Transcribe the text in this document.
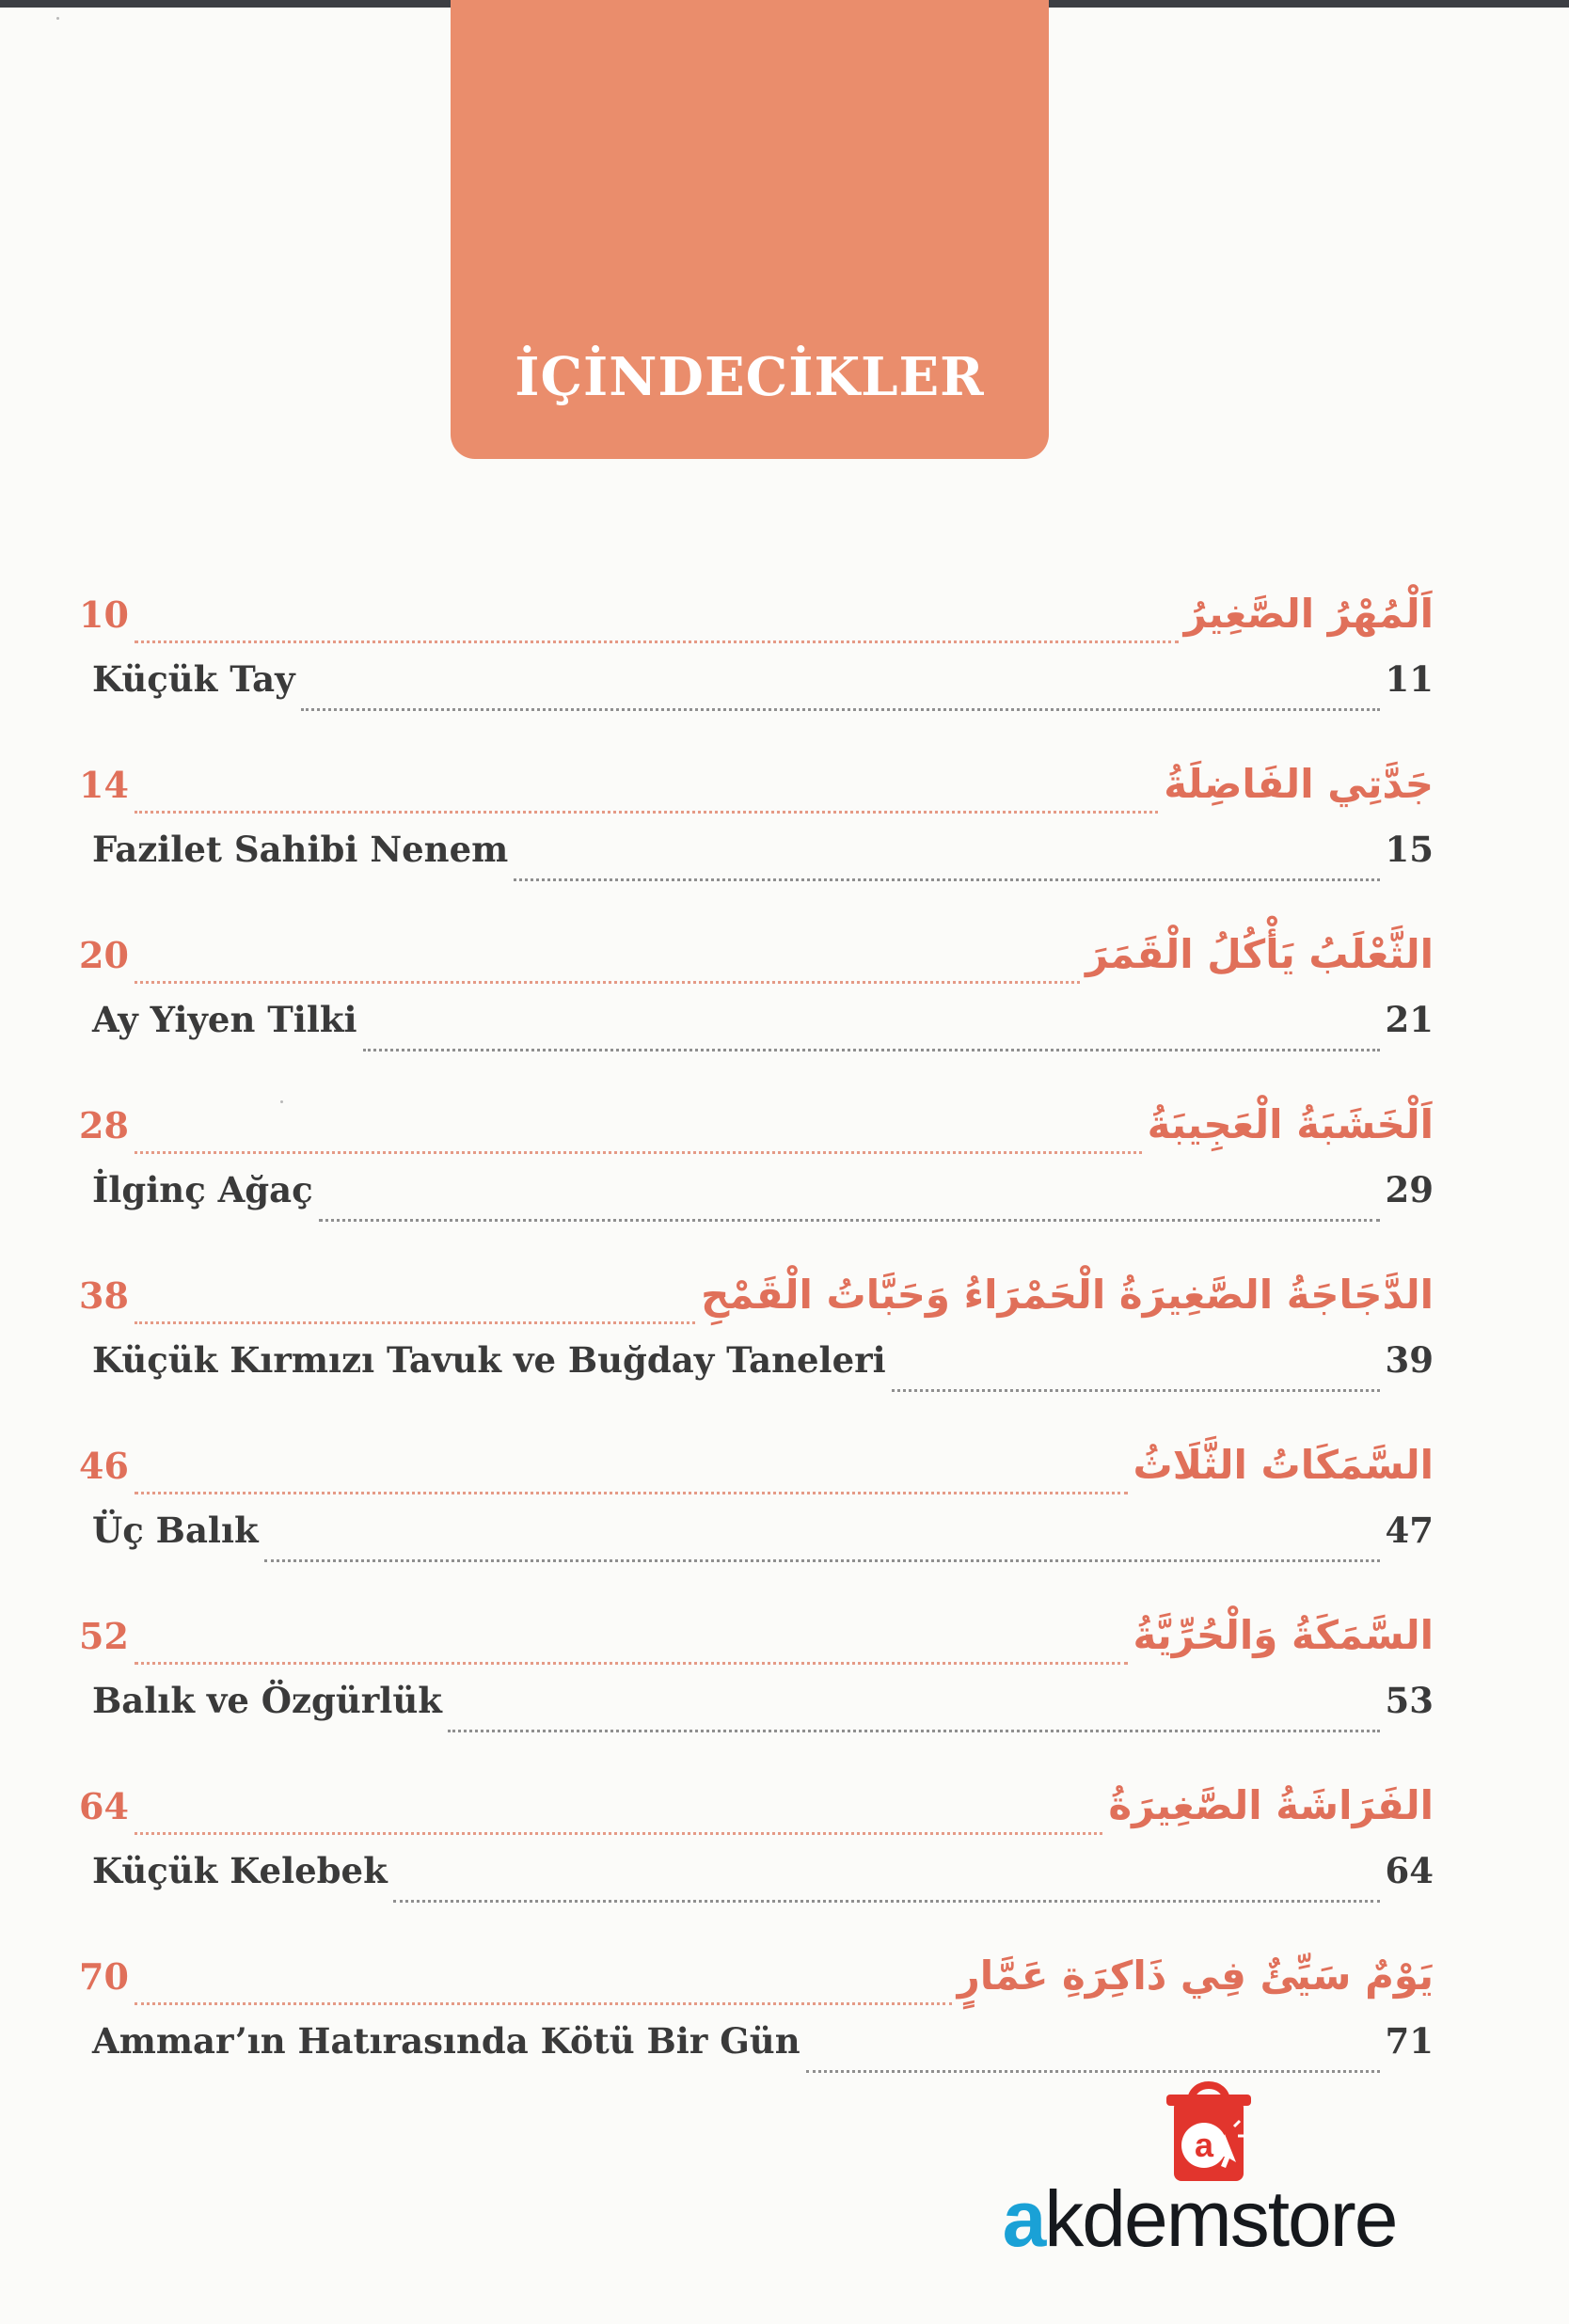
İÇİNDECİKLER
10	اَلْمُهْرُ الصَّغِيرُ
Küçük Tay	11
14	جَدَّتِي الفَاضِلَةُ
Fazilet Sahibi Nenem	15
20	الثَّعْلَبُ يَأْكُلُ الْقَمَرَ
Ay Yiyen Tilki	21
28	اَلْخَشَبَةُ الْعَجِيبَةُ
İlginç Ağaç	29
38	الدَّجَاجَةُ الصَّغِيرَةُ الْحَمْرَاءُ وَحَبَّاتُ الْقَمْحِ
Küçük Kırmızı Tavuk ve Buğday Taneleri	39
46	السَّمَكَاتُ الثَّلَاثُ
Üç Balık	47
52	السَّمَكَةُ وَالْحُرِّيَّةُ
Balık ve Özgürlük	53
64	الفَرَاشَةُ الصَّغِيرَةُ
Küçük Kelebek	64
70	يَوْمٌ سَيِّئٌ فِي ذَاكِرَةِ عَمَّارٍ
Ammar’ın Hatırasında Kötü Bir Gün	71
a
akdemstore
